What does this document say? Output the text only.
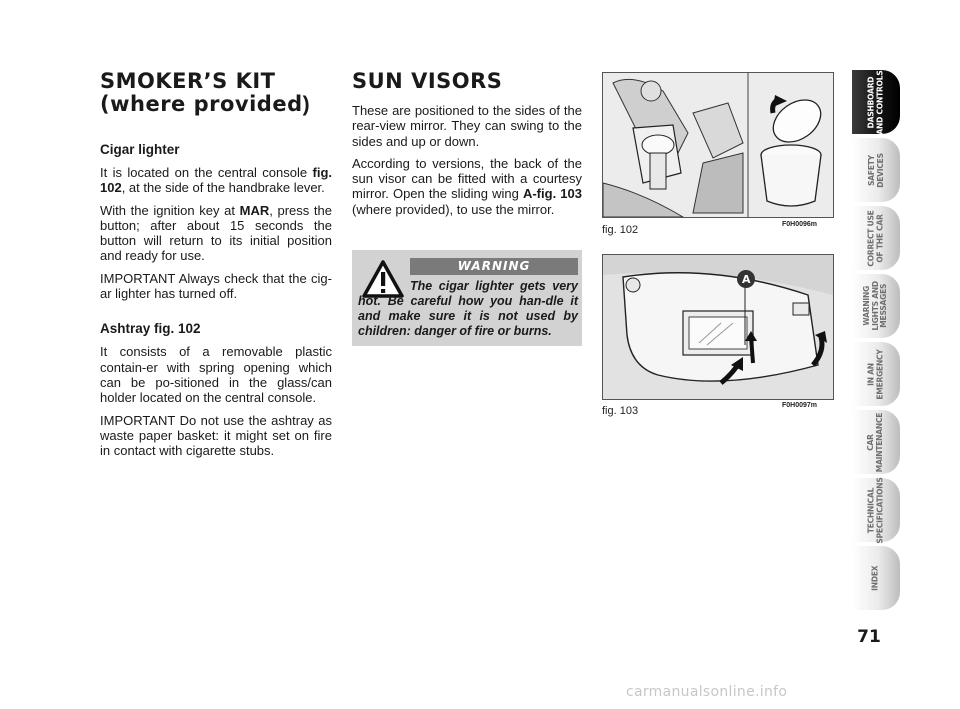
SMOKER’S KIT
(where provided)
Cigar lighter

It is located on the central console fig. 102, at the side of the handbrake lever.

With the ignition key at MAR, press the button; after about 15 seconds the button will return to its initial position and ready for use.

IMPORTANT Always check that the cig-ar lighter has turned off.

Ashtray fig. 102

It consists of a removable plastic contain-er with spring opening which can be po-sitioned in the glass/can holder located on the central console.

IMPORTANT Do not use the ashtray as waste paper basket: it might set on fire in contact with cigarette stubs.

SUN VISORS

These are positioned to the sides of the rear-view mirror. They can swing to the sides and up or down.

According to versions, the back of the sun visor can be fitted with a courtesy mirror. Open the sliding wing A-fig. 103 (where provided), to use the mirror.

WARNING
The cigar lighter gets very hot. Be careful how you han-dle it and make sure it is not used by children: danger of fire or burns.
fig. 102	F0H0096m
A
fig. 103	F0H0097m
DASHBOARD
AND CONTROLS
SAFETY
DEVICES
CORRECT USE
OF THE CAR
WARNING
LIGHTS AND
MESSAGES
IN AN
EMERGENCY
CAR
MAINTENANCE
TECHNICAL
SPECIFICATIONS
INDEX
71
carmanualsonline.info
